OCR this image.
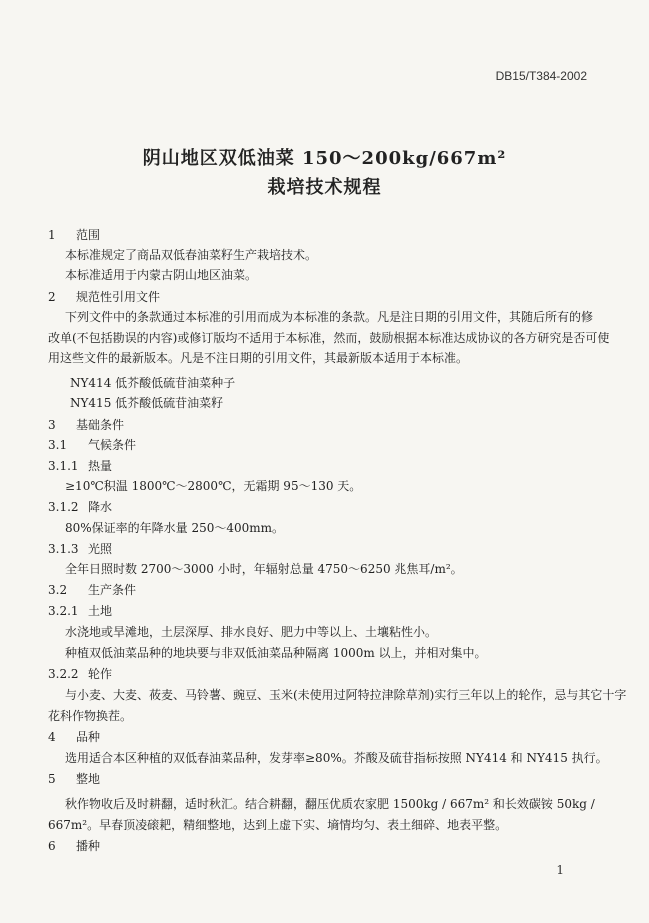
DB15/T384-2002
阴山地区双低油菜 150～200kg/667m²
栽培技术规程
1 范围
本标准规定了商品双低春油菜籽生产栽培技术。
本标准适用于内蒙古阴山地区油菜。
2 规范性引用文件
下列文件中的条款通过本标准的引用而成为本标准的条款。凡是注日期的引用文件，其随后所有的修
改单(不包括勘误的内容)或修订版均不适用于本标准，然而，鼓励根据本标准达成协议的各方研究是否可使
用这些文件的最新版本。凡是不注日期的引用文件，其最新版本适用于本标准。
NY414 低芥酸低硫苷油菜种子
NY415 低芥酸低硫苷油菜籽
3 基础条件
3.1 气候条件
3.1.1 热量
≥10℃积温 1800℃～2800℃，无霜期 95～130 天。
3.1.2 降水
80%保证率的年降水量 250～400mm。
3.1.3 光照
全年日照时数 2700～3000 小时，年辐射总量 4750～6250 兆焦耳/m²。
3.2 生产条件
3.2.1 土地
水浇地或旱滩地，土层深厚、排水良好、肥力中等以上、土壤粘性小。
种植双低油菜品种的地块要与非双低油菜品种隔离 1000m 以上，并相对集中。
3.2.2 轮作
与小麦、大麦、莜麦、马铃薯、豌豆、玉米(未使用过阿特拉津除草剂)实行三年以上的轮作，忌与其它十字
花科作物换茬。
4 品种
选用适合本区种植的双低春油菜品种，发芽率≥80%。芥酸及硫苷指标按照 NY414 和 NY415 执行。
5 整地
秋作物收后及时耕翻，适时秋汇。结合耕翻，翻压优质农家肥 1500kg / 667m² 和长效碳铵 50kg /
667m²。早春顶凌磙耙，精细整地，达到上虚下实、墒情均匀、表土细碎、地表平整。
6 播种
1
